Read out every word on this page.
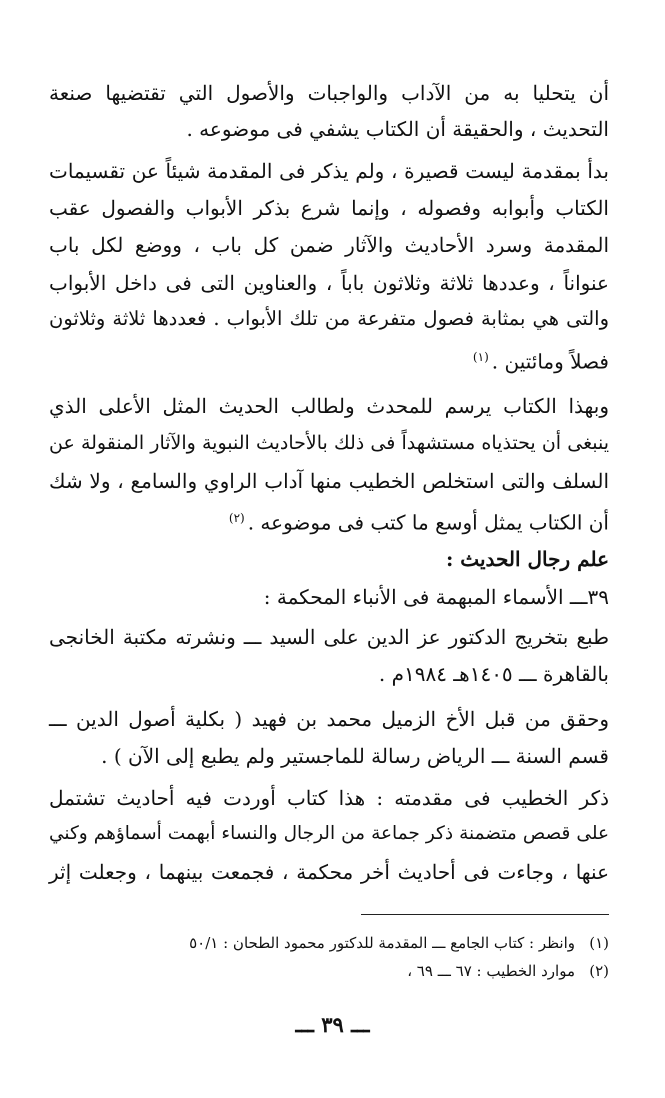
أن يتحليا به من الآداب والواجبات والأصول التي تقتضيها صنعة
التحديث ، والحقيقة أن الكتاب يشفي فى موضوعه .
بدأ بمقدمة ليست قصيرة ، ولم يذكر فى المقدمة شيئاً عن تقسيمات
الكتاب وأبوابه وفصوله ، وإنما شرع بذكر الأبواب والفصول عقب
المقدمة وسرد الأحاديث والآثار ضمن كل باب ، ووضع لكل باب
عنواناً ، وعددها ثلاثة وثلاثون باباً ، والعناوين التى فى داخل الأبواب
والتى هي بمثابة فصول متفرعة من تلك الأبواب . فعددها ثلاثة وثلاثون
فصلاً ومائتين .$^{(١)}$
وبهذا الكتاب يرسم للمحدث ولطالب الحديث المثل الأعلى الذي
ينبغى أن يحتذياه مستشهداً فى ذلك بالأحاديث النبوية والآثار المنقولة عن
السلف والتى استخلص الخطيب منها آداب الراوي والسامع ، ولا شك
أن الكتاب يمثل أوسع ما كتب فى موضوعه .$^{(٢)}$
علم رجال الحديث :
٣٩ـــ الأسماء المبهمة فى الأنباء المحكمة :
طبع بتخريج الدكتور عز الدين على السيد ـــ ونشرته مكتبة الخانجى
بالقاهرة ـــ ١٤٠٥هـ ١٩٨٤م .
وحقق من قبل الأخ الزميل محمد بن فهيد ( بكلية أصول الدين ـــ
قسم السنة ـــ الرياض رسالة للماجستير ولم يطبع إلى الآن ) .
ذكر الخطيب فى مقدمته : هذا كتاب أوردت فيه أحاديث تشتمل
على قصص متضمنة ذكر جماعة من الرجال والنساء أبهمت أسماؤهم وكني
عنها ، وجاءت فى أحاديث أخر محكمة ، فجمعت بينهما ، وجعلت إثر
(١)وانظر : كتاب الجامع ـــ المقدمة للدكتور محمود الطحان : ٥٠/١
(٢)موارد الخطيب : ٦٧ ـــ ٦٩ ،
ـــ ٣٩ ـــ
